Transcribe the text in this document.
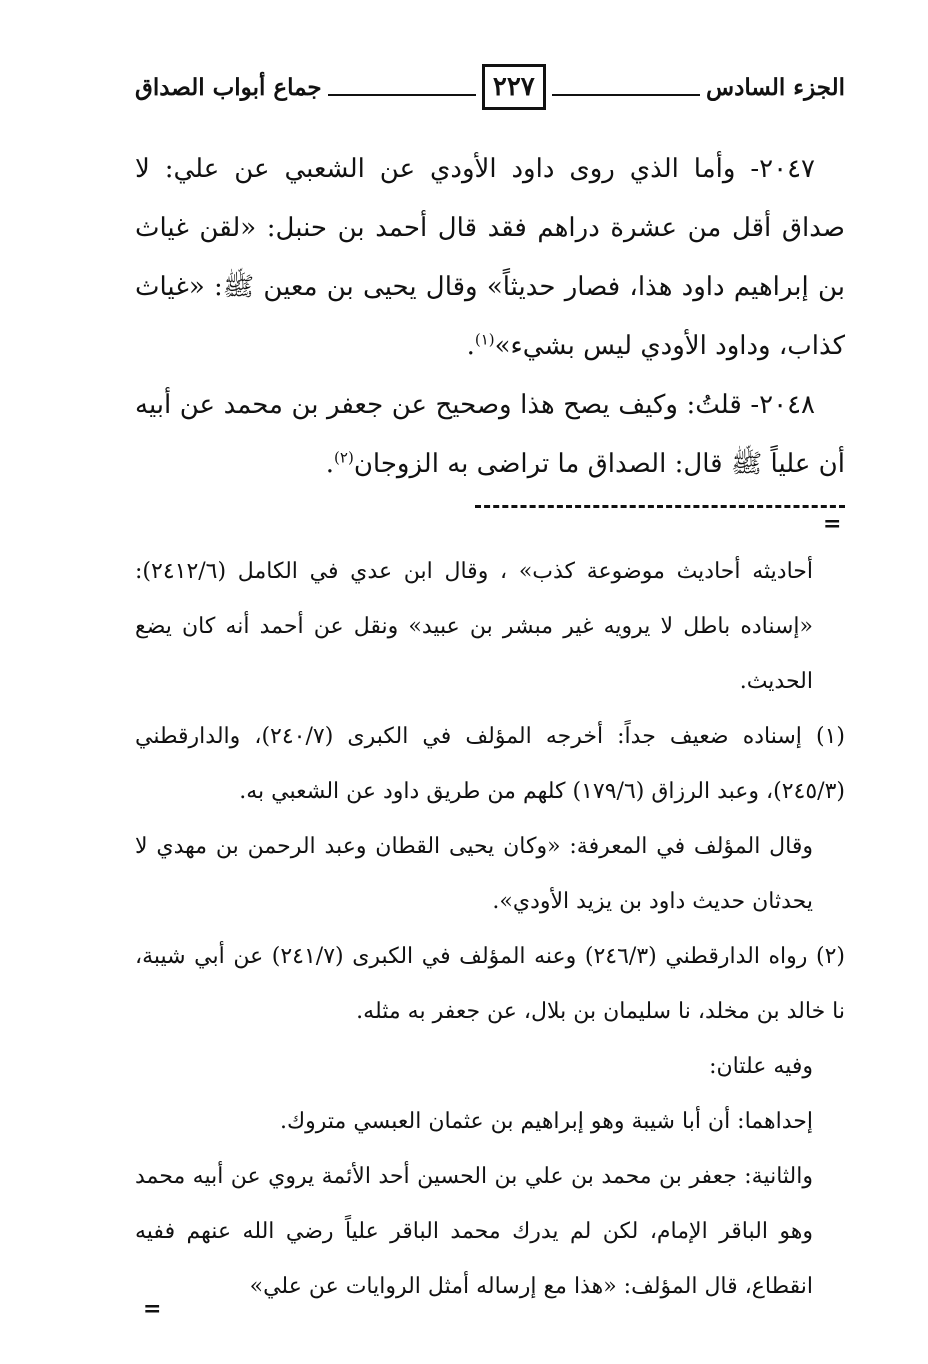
الجزء السادس
٢٢٧
جماع أبواب الصداق

٢٠٤٧- وأما الذي روى داود الأودي عن الشعبي عن علي: لا صداق أقل من عشرة دراهم فقد قال أحمد بن حنبل: «لقن غياث بن إبراهيم داود هذا، فصار حديثاً» وقال يحيى بن معين ﷺ: «غياث كذاب، وداود الأودي ليس بشيء»$^{(١)}$.

٢٠٤٨- قلتُ: وكيف يصح هذا وصحيح عن جعفر بن محمد عن أبيه أن علياً ﷺ قال: الصداق ما تراضى به الزوجان$^{(٢)}$.

=

أحاديثه أحاديث موضوعة كذب» ، وقال ابن عدي في الكامل (٢٤١٢/٦): «إسناده باطل لا يرويه غير مبشر بن عبيد» ونقل عن أحمد أنه كان يضع الحديث.

(١) إسناده ضعيف جداً: أخرجه المؤلف في الكبرى (٢٤٠/٧)، والدارقطني (٢٤٥/٣)، وعبد الرزاق (١٧٩/٦) كلهم من طريق داود عن الشعبي به.

وقال المؤلف في المعرفة: «وكان يحيى القطان وعبد الرحمن بن مهدي لا يحدثان حديث داود بن يزيد الأودي».

(٢) رواه الدارقطني (٢٤٦/٣) وعنه المؤلف في الكبرى (٢٤١/٧) عن أبي شيبة، نا خالد بن مخلد، نا سليمان بن بلال، عن جعفر به مثله.

وفيه علتان:

إحداهما: أن أبا شيبة وهو إبراهيم بن عثمان العبسي متروك.

والثانية: جعفر بن محمد بن علي بن الحسين أحد الأئمة يروي عن أبيه محمد وهو الباقر الإمام، لكن لم يدرك محمد الباقر علياً رضي الله عنهم ففيه انقطاع، قال المؤلف: «هذا مع إرساله أمثل الروايات عن علي»

=
